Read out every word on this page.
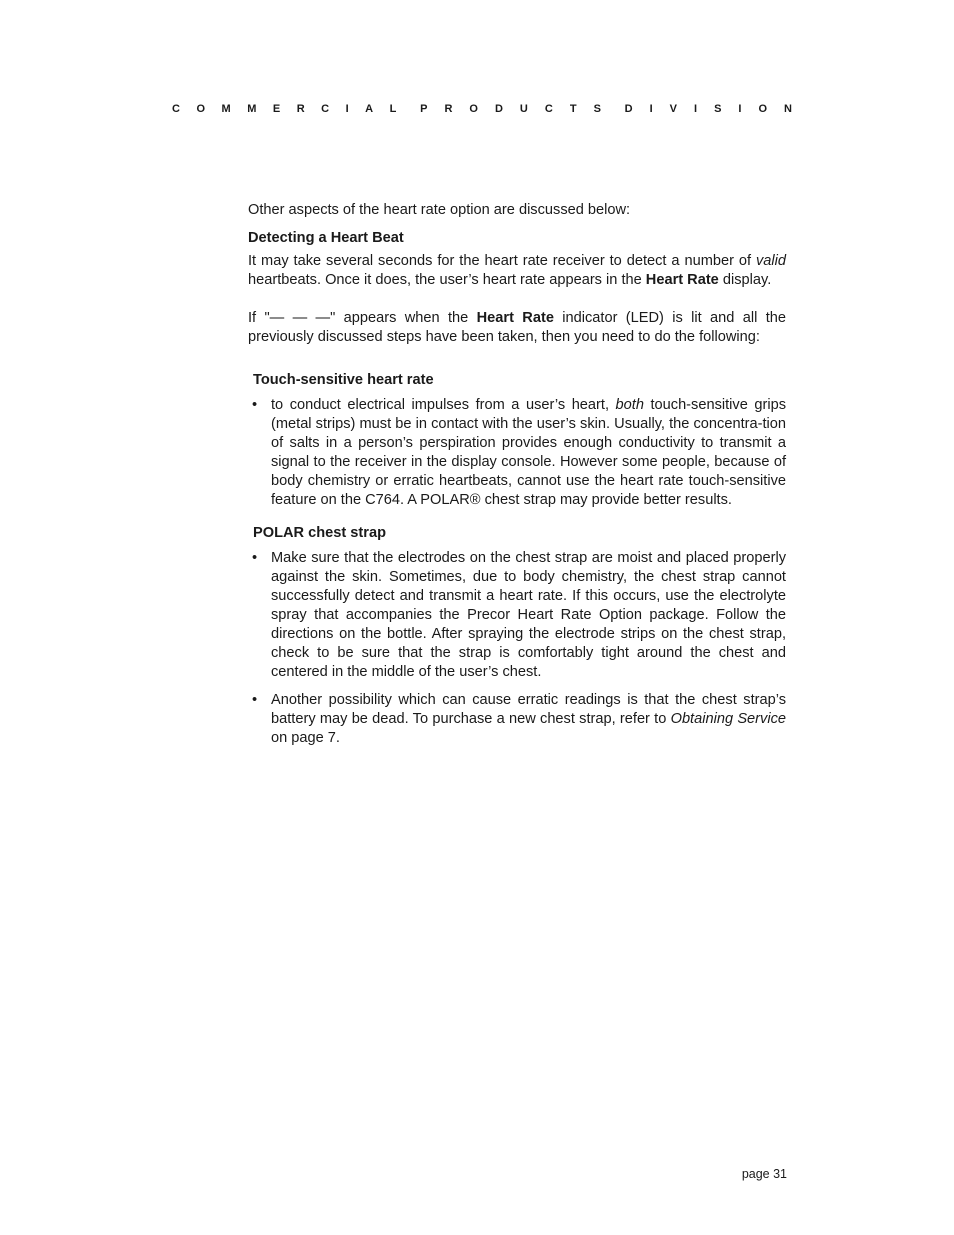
C O M M E R C I A L P R O D U C T S D I V I S I O N

Other aspects of the heart rate option are discussed below:

Detecting a Heart Beat

It may take several seconds for the heart rate receiver to detect a number of valid heartbeats. Once it does, the user’s heart rate appears in the Heart Rate display.

If "— — —" appears when the Heart Rate indicator (LED) is lit and all the previously discussed steps have been taken, then you need to do the following:

Touch-sensitive heart rate
• to conduct electrical impulses from a user’s heart, both touch-sensitive grips (metal strips) must be in contact with the user’s skin. Usually, the concentra-tion of salts in a person’s perspiration provides enough conductivity to transmit a signal to the receiver in the display console. However some people, because of body chemistry or erratic heartbeats, cannot use the heart rate touch-sensitive feature on the C764. A POLAR® chest strap may provide better results.
POLAR chest strap
• Make sure that the electrodes on the chest strap are moist and placed properly against the skin. Sometimes, due to body chemistry, the chest strap cannot successfully detect and transmit a heart rate. If this occurs, use the electrolyte spray that accompanies the Precor Heart Rate Option package. Follow the directions on the bottle. After spraying the electrode strips on the chest strap, check to be sure that the strap is comfortably tight around the chest and centered in the middle of the user’s chest.
• Another possibility which can cause erratic readings is that the chest strap’s battery may be dead. To purchase a new chest strap, refer to Obtaining Service on page 7.
page 31
